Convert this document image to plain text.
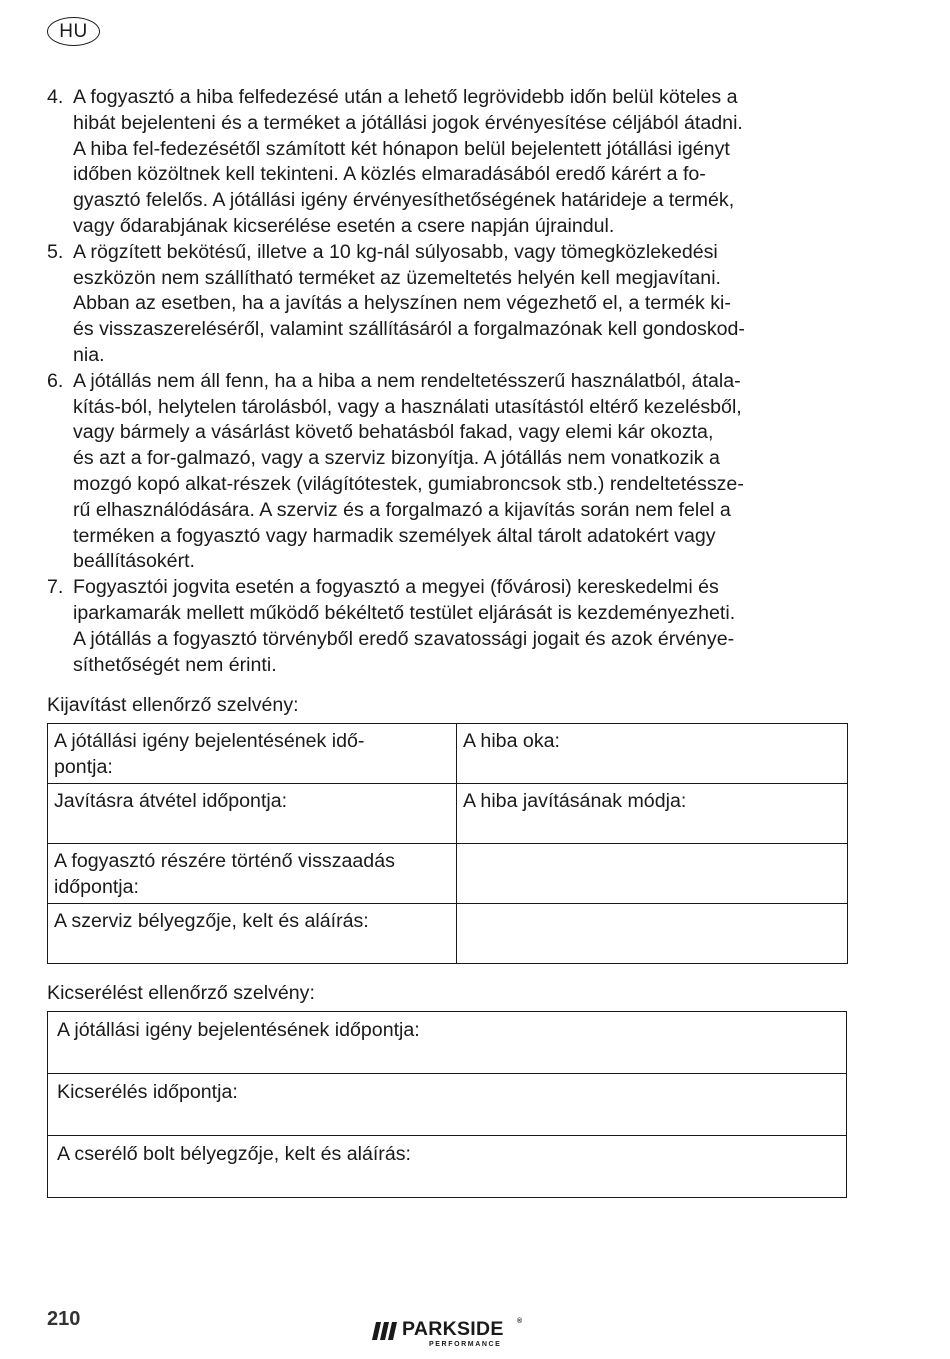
HU
4. A fogyasztó a hiba felfedezésé után a lehető legrövidebb időn belül köteles a
hibát bejelenteni és a terméket a jótállási jogok érvényesítése céljából átadni.
A hiba fel-fedezésétől számított két hónapon belül bejelentett jótállási igényt
időben közöltnek kell tekinteni. A közlés elmaradásából eredő kárért a fo-
gyasztó felelős. A jótállási igény érvényesíthetőségének határideje a termék,
vagy ődarabjának kicserélése esetén a csere napján újraindul.
5. A rögzített bekötésű, illetve a 10 kg-nál súlyosabb, vagy tömegközlekedési
eszközön nem szállítható terméket az üzemeltetés helyén kell megjavítani.
Abban az esetben, ha a javítás a helyszínen nem végezhető el, a termék ki-
és visszaszereléséről, valamint szállításáról a forgalmazónak kell gondoskod-
nia.
6. A jótállás nem áll fenn, ha a hiba a nem rendeltetésszerű használatból, átala-
kítás-ból, helytelen tárolásból, vagy a használati utasítástól eltérő kezelésből,
vagy bármely a vásárlást követő behatásból fakad, vagy elemi kár okozta,
és azt a for-galmazó, vagy a szerviz bizonyítja. A jótállás nem vonatkozik a
mozgó kopó alkat-részek (világítótestek, gumiabroncsok stb.) rendeltetéssze-
rű elhasználódására. A szerviz és a forgalmazó a kijavítás során nem felel a
terméken a fogyasztó vagy harmadik személyek által tárolt adatokért vagy
beállításokért.
7. Fogyasztói jogvita esetén a fogyasztó a megyei (fővárosi) kereskedelmi és
iparkamarák mellett működő békéltető testület eljárását is kezdeményezheti.
A jótállás a fogyasztó törvényből eredő szavatossági jogait és azok érvénye-
síthetőségét nem érinti.
Kijavítást ellenőrző szelvény:
A jótállási igény bejelentésének idő-
pontja:	A hiba oka:
Javításra átvétel időpontja:	A hiba javításának módja:
A fogyasztó részére történő visszaadás
időpontja:	
A szerviz bélyegzője, kelt és aláírás:	
Kicserélést ellenőrző szelvény:
A jótállási igény bejelentésének időpontja:
Kicserélés időpontja:
A cserélő bolt bélyegzője, kelt és aláírás:
210	PARKSIDE ®
PERFORMANCE
